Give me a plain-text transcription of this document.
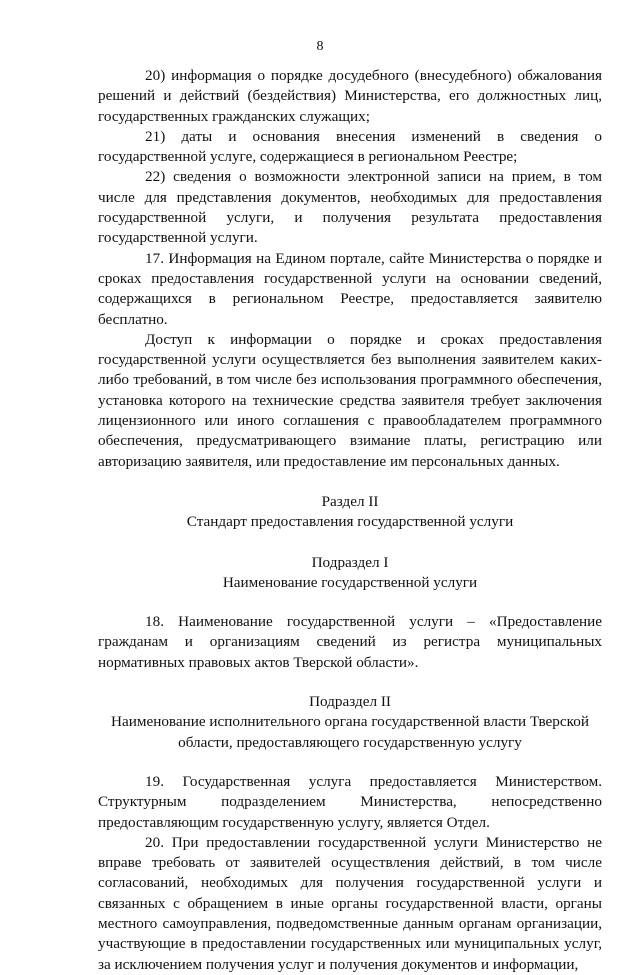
8

20) информация о порядке досудебного (внесудебного) обжалования решений и действий (бездействия) Министерства, его должностных лиц, государственных гражданских служащих;

21) даты и основания внесения изменений в сведения о государственной услуге, содержащиеся в региональном Реестре;

22) сведения о возможности электронной записи на прием, в том числе для представления документов, необходимых для предоставления государственной услуги, и получения результата предоставления государственной услуги.

17. Информация на Едином портале, сайте Министерства о порядке и сроках предоставления государственной услуги на основании сведений, содержащихся в региональном Реестре, предоставляется заявителю бесплатно.

Доступ к информации о порядке и сроках предоставления государственной услуги осуществляется без выполнения заявителем каких-либо требований, в том числе без использования программного обеспечения, установка которого на технические средства заявителя требует заключения лицензионного или иного соглашения с правообладателем программного обеспечения, предусматривающего взимание платы, регистрацию или авторизацию заявителя, или предоставление им персональных данных.

Раздел II

Стандарт предоставления государственной услуги

Подраздел I

Наименование государственной услуги

18. Наименование государственной услуги – «Предоставление гражданам и организациям сведений из регистра муниципальных нормативных правовых актов Тверской области».

Подраздел II

Наименование исполнительного органа государственной власти Тверской области, предоставляющего государственную услугу

19. Государственная услуга предоставляется Министерством. Структурным подразделением Министерства, непосредственно предоставляющим государственную услугу, является Отдел.

20. При предоставлении государственной услуги Министерство не вправе требовать от заявителей осуществления действий, в том числе согласований, необходимых для получения государственной услуги и связанных с обращением в иные органы государственной власти, органы местного самоуправления, подведомственные данным органам организации, участвующие в предоставлении государственных или муниципальных услуг, за исключением получения услуг и получения документов и информации,
